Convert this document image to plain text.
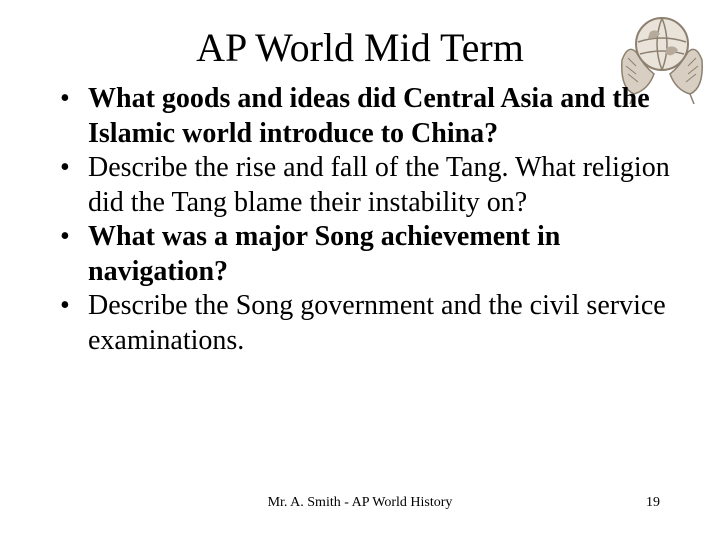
AP World Mid Term
• What goods and ideas did Central Asia and the Islamic world introduce to China?
• Describe the rise and fall of the Tang. What religion did the Tang blame their instability on?
• What was a major Song achievement in navigation?
• Describe the Song government and the civil service examinations.
Mr. A. Smith - AP World History	19
